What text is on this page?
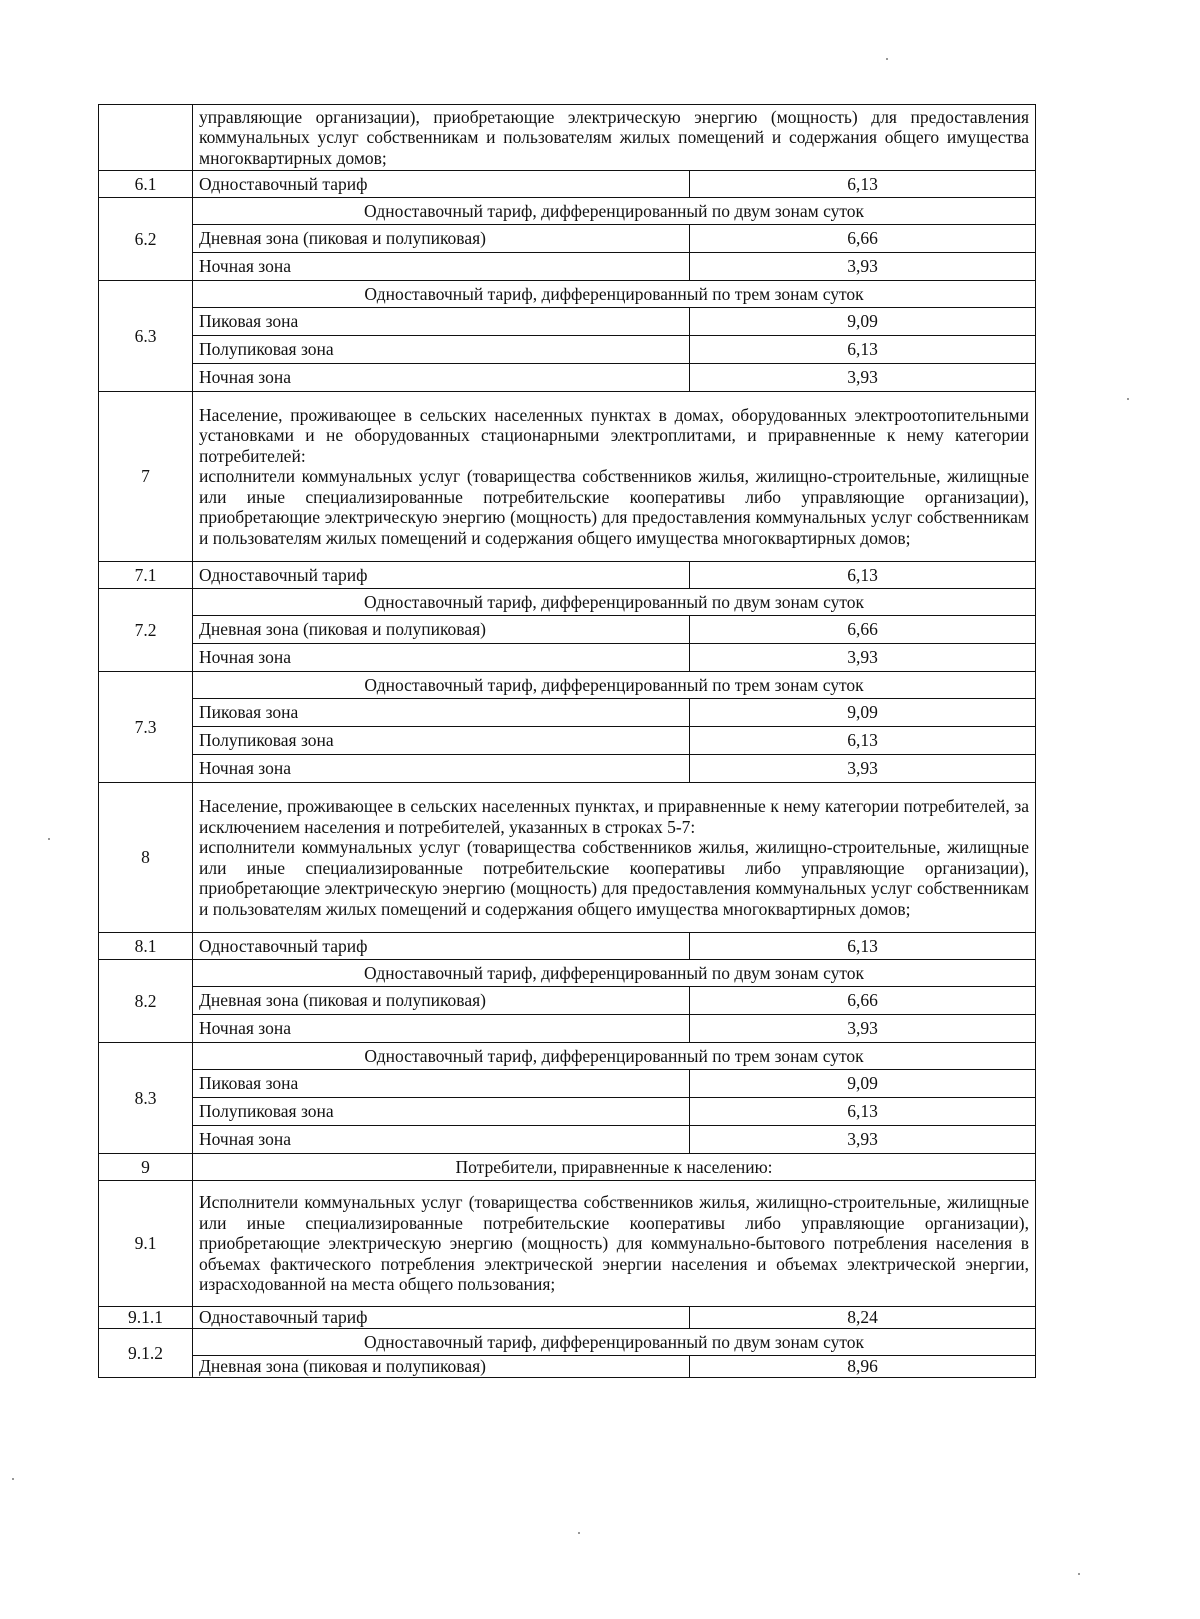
	управляющие организации), приобретающие электрическую энергию (мощность) для предоставления коммунальных услуг собственникам и пользователям жилых помещений и содержания общего имущества многоквартирных домов;	
6.1	Одноставочный тариф	6,13
6.2	Одноставочный тариф, дифференцированный по двум зонам суток	
	Дневная зона (пиковая и полупиковая)	6,66
	Ночная зона	3,93
6.3	Одноставочный тариф, дифференцированный по трем зонам суток	
	Пиковая зона	9,09
	Полупиковая зона	6,13
	Ночная зона	3,93
7	Население, проживающее в сельских населенных пунктах в домах, оборудованных электроотопительными установками и не оборудованных стационарными электроплитами, и приравненные к нему категории потребителей:
исполнители коммунальных услуг (товарищества собственников жилья, жилищно-строительные, жилищные или иные специализированные потребительские кооперативы либо управляющие организации), приобретающие электрическую энергию (мощность) для предоставления коммунальных услуг собственникам и пользователям жилых помещений и содержания общего имущества многоквартирных домов;	
7.1	Одноставочный тариф	6,13
7.2	Одноставочный тариф, дифференцированный по двум зонам суток	
	Дневная зона (пиковая и полупиковая)	6,66
	Ночная зона	3,93
7.3	Одноставочный тариф, дифференцированный по трем зонам суток	
	Пиковая зона	9,09
	Полупиковая зона	6,13
	Ночная зона	3,93
8	Население, проживающее в сельских населенных пунктах, и приравненные к нему категории потребителей, за исключением населения и потребителей, указанных в строках 5-7:
исполнители коммунальных услуг (товарищества собственников жилья, жилищно-строительные, жилищные или иные специализированные потребительские кооперативы либо управляющие организации), приобретающие электрическую энергию (мощность) для предоставления коммунальных услуг собственникам и пользователям жилых помещений и содержания общего имущества многоквартирных домов;	
8.1	Одноставочный тариф	6,13
8.2	Одноставочный тариф, дифференцированный по двум зонам суток	
	Дневная зона (пиковая и полупиковая)	6,66
	Ночная зона	3,93
8.3	Одноставочный тариф, дифференцированный по трем зонам суток	
	Пиковая зона	9,09
	Полупиковая зона	6,13
	Ночная зона	3,93
9	Потребители, приравненные к населению:	
9.1	Исполнители коммунальных услуг (товарищества собственников жилья, жилищно-строительные, жилищные или иные специализированные потребительские кооперативы либо управляющие организации), приобретающие электрическую энергию (мощность) для коммунально-бытового потребления населения в объемах фактического потребления электрической энергии населения и объемах электрической энергии, израсходованной на места общего пользования;	
9.1.1	Одноставочный тариф	8,24
9.1.2	Одноставочный тариф, дифференцированный по двум зонам суток	
	Дневная зона (пиковая и полупиковая)	8,96
